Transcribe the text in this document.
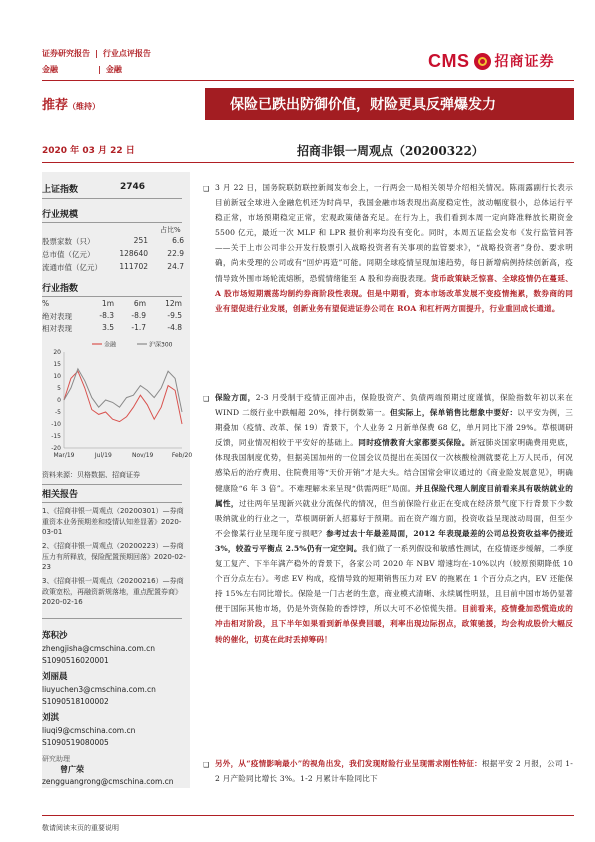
证券研究报告 | 行业点评报告
金融	| 金融	CMS 招商证券
推荐（维持）	保险已跌出防御价值，财险更具反弹爆发力
2020 年 03 月 22 日	招商非银一周观点（20200322）
上证指数	2746
行业规模
占比%
股票家数（只）	251	6.6
总市值（亿元）	128640	22.9
流通市值（亿元）	111702	24.7
行业指数
%	1m	6m	12m
绝对表现	-8.3	-8.9	-9.5
相对表现	3.5	-1.7	-4.8
金融	沪深300
20
15
10
5
0
-5
-10
-15
-20
Mar/19	Jul/19	Nov/19	Feb/20
资料来源：贝格数据、招商证券
相关报告
1、《招商非银一周观点（20200301）—券商重资本业务预期差和疫情认知差显著》2020-03-01
2、《招商非银一周观点（20200223）—券商压力有所释放，保险配置预期回落》2020-02-23
3、《招商非银一周观点（20200216）—券商政策宽松，再融资新规落地，重点配置券商》2020-02-16
郑积沙
zhengjisha@cmschina.com.cn
S1090516020001
刘丽晨
liuyuchen3@cmschina.com.cn
S1090518100002
刘淇
liuqi9@cmschina.com.cn
S1090519080005
研究助理
曾广荣
zengguangrong@cmschina.com.cn
❑ 3 月 22 日，国务院联防联控新闻发布会上，一行两会一局相关领导介绍相关情况。陈雨露副行长表示目前新冠全球进入金融危机还为时尚早，我国金融市场表现出高度稳定性，波动幅度很小，总体运行平稳正常，市场预期稳定正常，宏观政策储备充足。在行为上，我们看到本周一定向降准释放长期资金 5500 亿元，最近一次 MLF 和 LPR 报价利率均没有变化。同时，本周五证监会发布《发行监管问答——关于上市公司非公开发行股票引入战略投资者有关事项的监管要求》，“战略投资者”身份、要求明确，尚未受理的公司或有“回炉再造”可能。同期全球疫情呈现加速趋势，每日新增病例持续创新高，疫情导致外围市场轮流熔断，恐慌情绪能至 A 股和券商股表现。货币政策缺乏惊喜、全球疫情仍在蔓延、A 股市场短期震荡均制约券商阶段性表现。但是中期看，资本市场改革发展不变疫情拖累，数券商的同业有望促进行业发展，创新业务有望促进证券公司在 ROA 和杠杆两方面提升，行业重回成长通道。
❑ 保险方面，2-3 月受制于疫情正面冲击，保险股资产、负债两端预期过度谨慎，保险指数年初以来在 WIND 二级行业中跌幅超 20%，排行倒数第一。但实际上，保单销售比想象中要好：以平安为例，三期叠加（疫情、改革、保 19）背景下，个人业务 2 月新单保费 68 亿，单月同比下滑 29%。草根调研反馈，同业情况相较于平安好的基础上。同时疫情教育大家都要买保险。新冠肺炎国家明确费用兜底，体现我国制度优势，但据美国加州的一位国会议员提出在美国仅一次核酸检测就要花上万人民币，何况感染后的治疗费用、住院费用等“天价开销”才是大头。结合国常会审议通过的《商业险发展意见》，明确健康险“6 年 3 倍”。不难理解未来呈现“供需两旺”局面。并且保险代理人制度目前看来具有吸纳就业的属性，过往两年呈现新兴就业分流保代的情况，但当前保险行业正在变成在经济景气度下行背景下少数吸纳就业的行业之一，草根调研新人招募好于预期。而在资产端方面，投资收益呈现波动局面，但至少不会像某行业呈现年度亏损吧？参考过去十年最差局面，2012 年表现最差的公司总投资收益率仍接近 3%，较盈亏平衡点 2.5%仍有一定空间。我们做了一系列假设和敏感性测试，在疫情逐步缓解，二季度复工复产、下半年满产稳外的背景下，各家公司 2020 年 NBV 增速均在-10%以内（较原预期降低 10 个百分点左右）。考虑 EV 构成，疫情导致的短期销售压力对 EV 的拖累在 1 个百分点之内，EV 还能保持 15%左右同比增长。保险是一门古老的生意，商业模式清晰、永续属性明显，且目前中国市场仍显著便于国际其他市场，仍是外资保险的香饽饽，所以大可不必惊慌失措。目前看来，疫情叠加恐慌造成的冲击相对阶段，且下半年如果看到新单保费回暖，利率出现边际拐点，政策驰援，均会构成股价大幅反转的催化，切莫在此时丢掉筹码！
❑ 另外，从“疫情影响最小”的视角出发，我们发现财险行业呈现需求刚性特征：根据平安 2 月报，公司 1-2 月产险同比增长 3%。1-2 月累计车险同比下
敬请阅读末页的重要说明
